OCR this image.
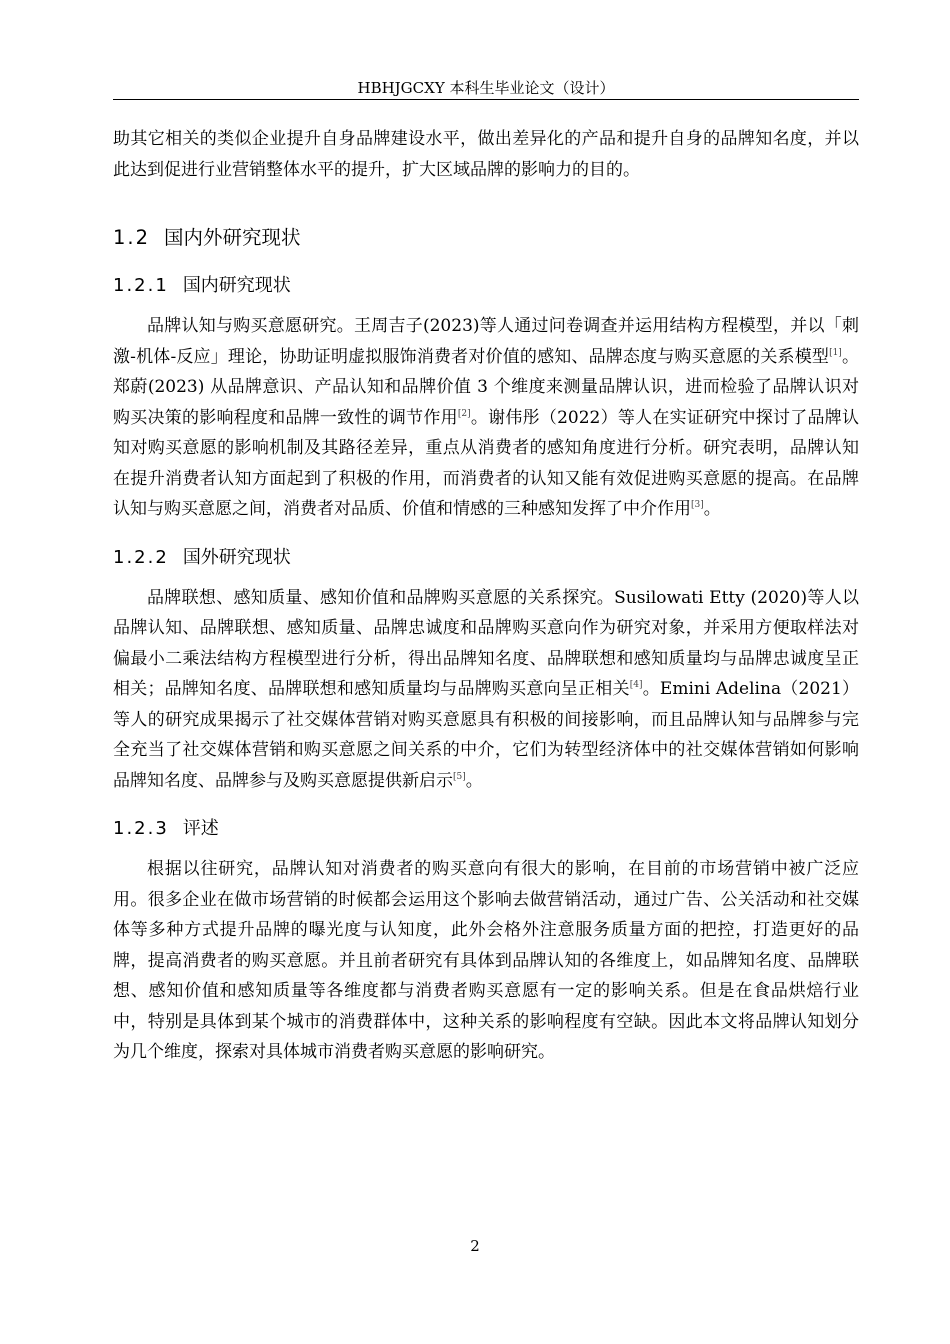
HBHJGCXY 本科生毕业论文（设计）

助其它相关的类似企业提升自身品牌建设水平，做出差异化的产品和提升自身的品牌知名度，并以此达到促进行业营销整体水平的提升，扩大区域品牌的影响力的目的。

1.2 国内外研究现状
1.2.1 国内研究现状

品牌认知与购买意愿研究。王周吉子(2023)等人通过问卷调查并运用结构方程模型，并以「刺激-机体-反应」理论，协助证明虚拟服饰消费者对价值的感知、品牌态度与购买意愿的关系模型[1]。郑蔚(2023) 从品牌意识、产品认知和品牌价值 3 个维度来测量品牌认识，进而检验了品牌认识对购买决策的影响程度和品牌一致性的调节作用[2]。谢伟彤（2022）等人在实证研究中探讨了品牌认知对购买意愿的影响机制及其路径差异，重点从消费者的感知角度进行分析。研究表明，品牌认知在提升消费者认知方面起到了积极的作用，而消费者的认知又能有效促进购买意愿的提高。在品牌认知与购买意愿之间，消费者对品质、价值和情感的三种感知发挥了中介作用[3]。

1.2.2 国外研究现状

品牌联想、感知质量、感知价值和品牌购买意愿的关系探究。Susilowati Etty (2020)等人以品牌认知、品牌联想、感知质量、品牌忠诚度和品牌购买意向作为研究对象，并采用方便取样法对偏最小二乘法结构方程模型进行分析，得出品牌知名度、品牌联想和感知质量均与品牌忠诚度呈正相关；品牌知名度、品牌联想和感知质量均与品牌购买意向呈正相关[4]。Emini Adelina（2021）等人的研究成果揭示了社交媒体营销对购买意愿具有积极的间接影响，而且品牌认知与品牌参与完全充当了社交媒体营销和购买意愿之间关系的中介，它们为转型经济体中的社交媒体营销如何影响品牌知名度、品牌参与及购买意愿提供新启示[5]。

1.2.3 评述

根据以往研究，品牌认知对消费者的购买意向有很大的影响，在目前的市场营销中被广泛应用。很多企业在做市场营销的时候都会运用这个影响去做营销活动，通过广告、公关活动和社交媒体等多种方式提升品牌的曝光度与认知度，此外会格外注意服务质量方面的把控，打造更好的品牌，提高消费者的购买意愿。并且前者研究有具体到品牌认知的各维度上，如品牌知名度、品牌联想、感知价值和感知质量等各维度都与消费者购买意愿有一定的影响关系。但是在食品烘焙行业中，特别是具体到某个城市的消费群体中，这种关系的影响程度有空缺。因此本文将品牌认知划分为几个维度，探索对具体城市消费者购买意愿的影响研究。

2
